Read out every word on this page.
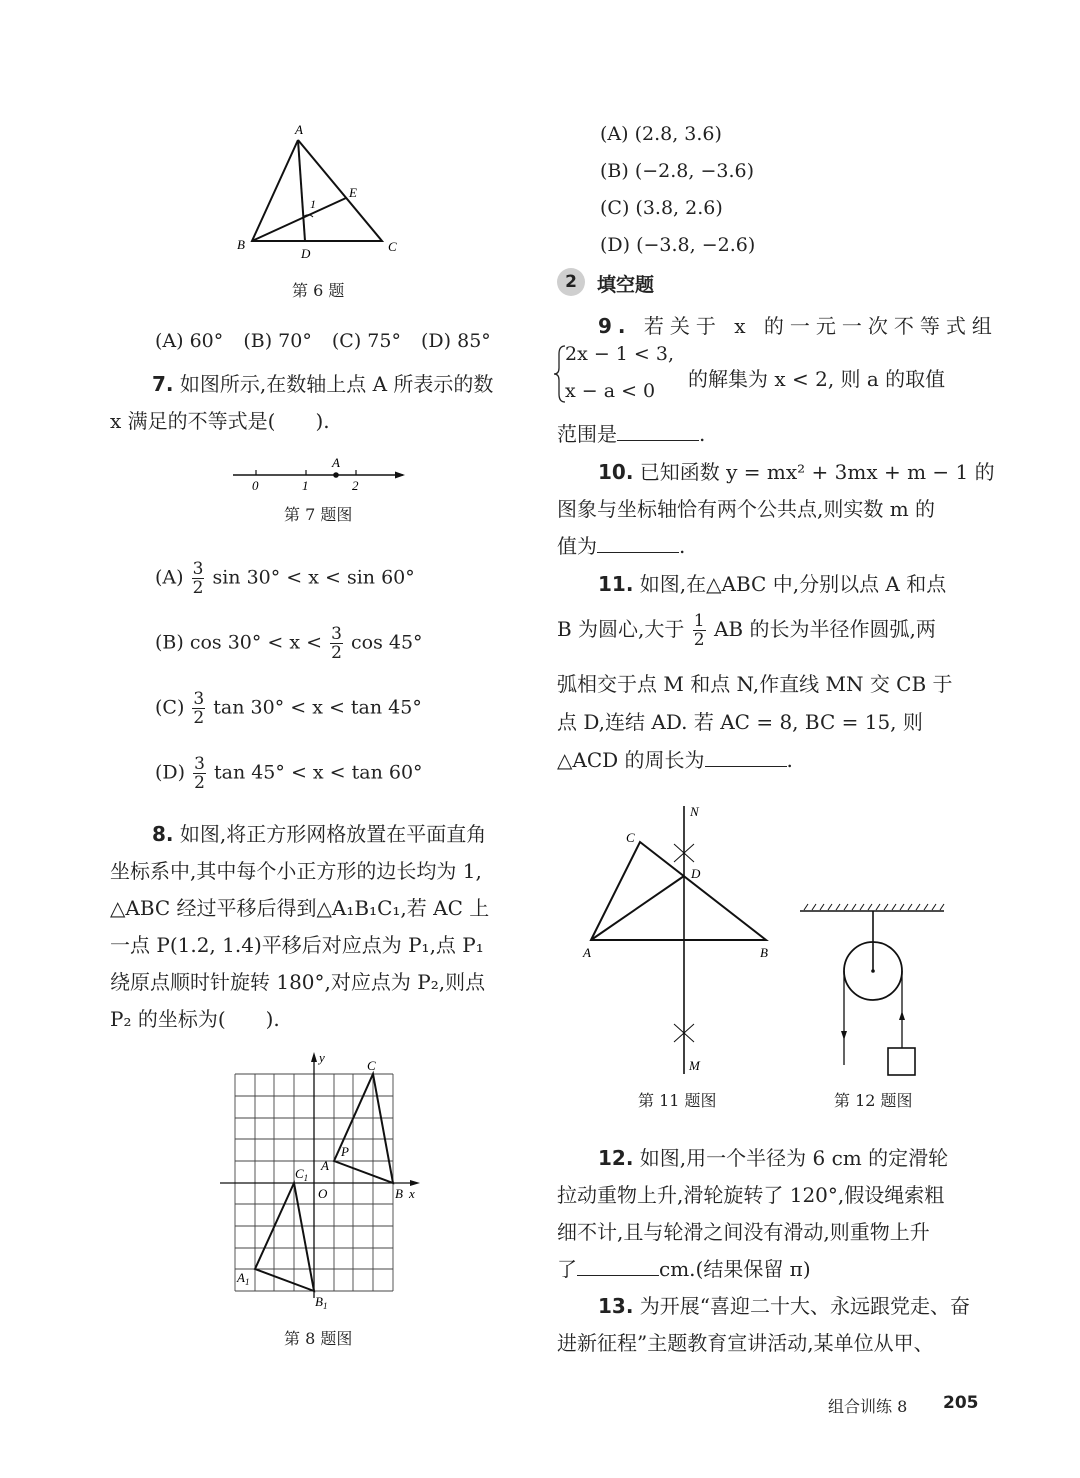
A
B	C
D
E
1
第 6 题
(A) 60° (B) 70° (C) 75° (D) 85°
7. 如图所示,在数轴上点 A 所表示的数
x 满足的不等式是(　　).
0	1	2
A
第 7 题图
$(A) \frac{3}{2}$ sin 30° < x < sin 60°
(B) $\cos 30^\circ < x < \frac{3}{2}$ cos 45°
$(C) \frac{3}{2}$ tan 30° < x < tan 45°
$(D) \frac{3}{2}$ tan 45° < x < tan 60°
8. 如图,将正方形网格放置在平面直角
坐标系中,其中每个小正方形的边长均为 1,
△ABC 经过平移后得到△A₁B₁C₁,若 AC 上
一点 P(1.2, 1.4)平移后对应点为 P₁,点 P₁
绕原点顺时针旋转 180°,对应点为 P₂,则点
P₂ 的坐标为(　　).
y
x
O
A
B
C
P
$A_1$
$B_1$
$C_1$
第 8 题图
(A) (2.8, 3.6)
(B) (−2.8, −3.6)
(C) (3.8, 2.6)
(D) (−3.8, −2.6)
2	填空题
9. 若关于 x 的一元一次不等式组
2x − 1 < 3,
x − a < 0 的解集为 x < 2, 则 a 的取值
范围是	.
10. 已知函数 y = mx² + 3mx + m − 1 的
图象与坐标轴恰有两个公共点,则实数 m 的
值为	.
11. 如图,在△ABC 中,分别以点 A 和点
B 为圆心,大于 $\frac{1}{2}$ AB 的长为半径作圆弧,两
弧相交于点 M 和点 N,作直线 MN 交 CB 于
点 D,连结 AD. 若 AC = 8, BC = 15, 则
△ACD 的周长为	.
N
C
D
A	B
M
第 11 题图	第 12 题图
12. 如图,用一个半径为 6 cm 的定滑轮
拉动重物上升,滑轮旋转了 120°,假设绳索粗
细不计,且与轮滑之间没有滑动,则重物上升
了	cm.(结果保留 π)
13. 为开展“喜迎二十大、永远跟党走、奋
进新征程”主题教育宣讲活动,某单位从甲、
组合训练 8 205
